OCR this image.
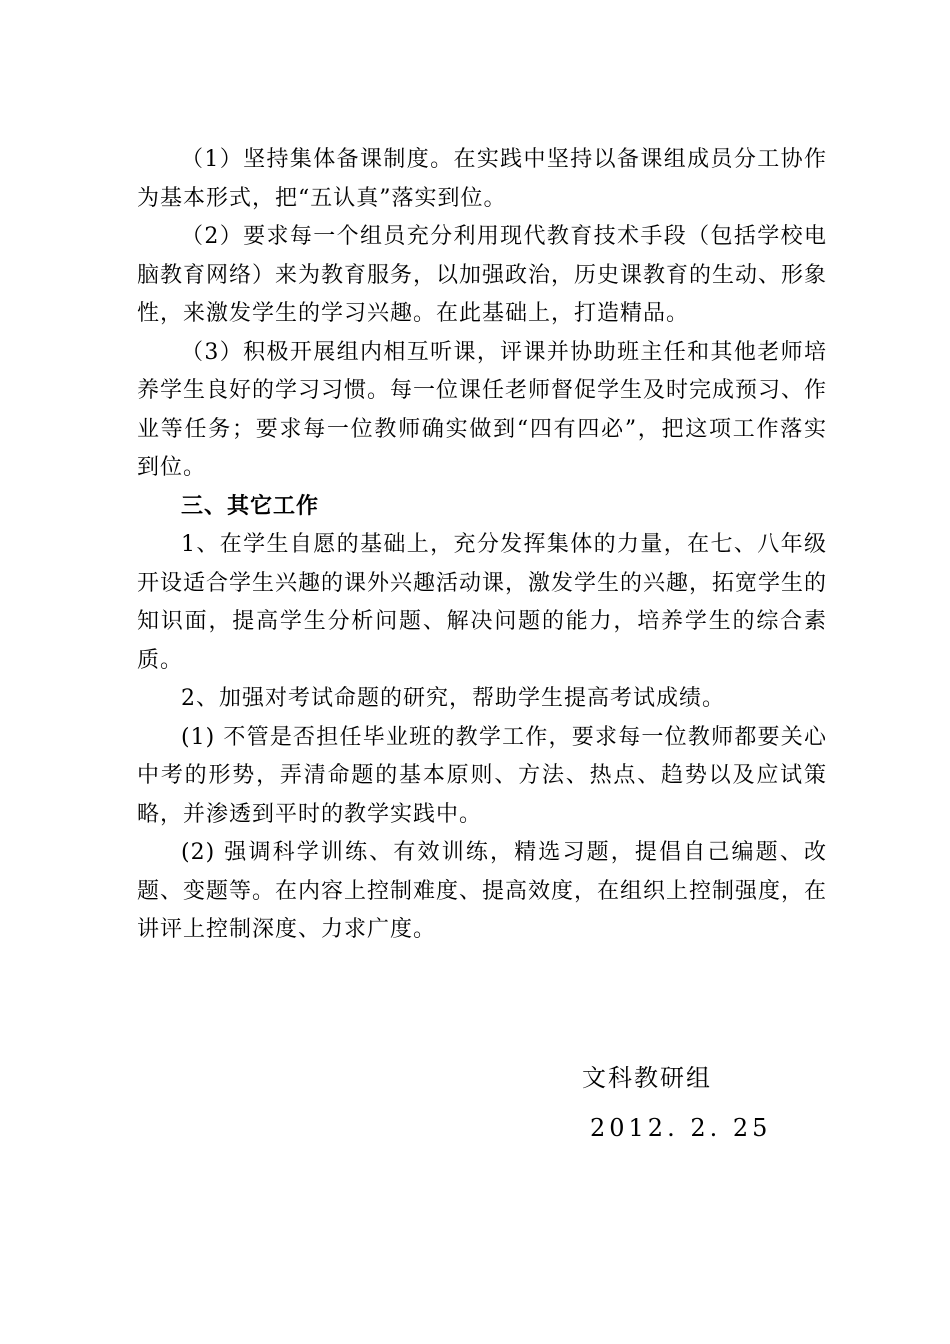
（1）坚持集体备课制度。在实践中坚持以备课组成员分工协作为基本形式，把“五认真”落实到位。

（2）要求每一个组员充分利用现代教育技术手段（包括学校电脑教育网络）来为教育服务，以加强政治，历史课教育的生动、形象性，来激发学生的学习兴趣。在此基础上，打造精品。

（3）积极开展组内相互听课，评课并协助班主任和其他老师培养学生良好的学习习惯。每一位课任老师督促学生及时完成预习、作业等任务；要求每一位教师确实做到“四有四必”，把这项工作落实到位。

三、其它工作

1、在学生自愿的基础上，充分发挥集体的力量，在七、八年级开设适合学生兴趣的课外兴趣活动课，激发学生的兴趣，拓宽学生的知识面，提高学生分析问题、解决问题的能力，培养学生的综合素质。

2、加强对考试命题的研究，帮助学生提高考试成绩。

(1) 不管是否担任毕业班的教学工作，要求每一位教师都要关心中考的形势，弄清命题的基本原则、方法、热点、趋势以及应试策略，并渗透到平时的教学实践中。

(2) 强调科学训练、有效训练，精选习题，提倡自己编题、改题、变题等。在内容上控制难度、提高效度，在组织上控制强度，在讲评上控制深度、力求广度。

文科教研组
2012. 2. 25
